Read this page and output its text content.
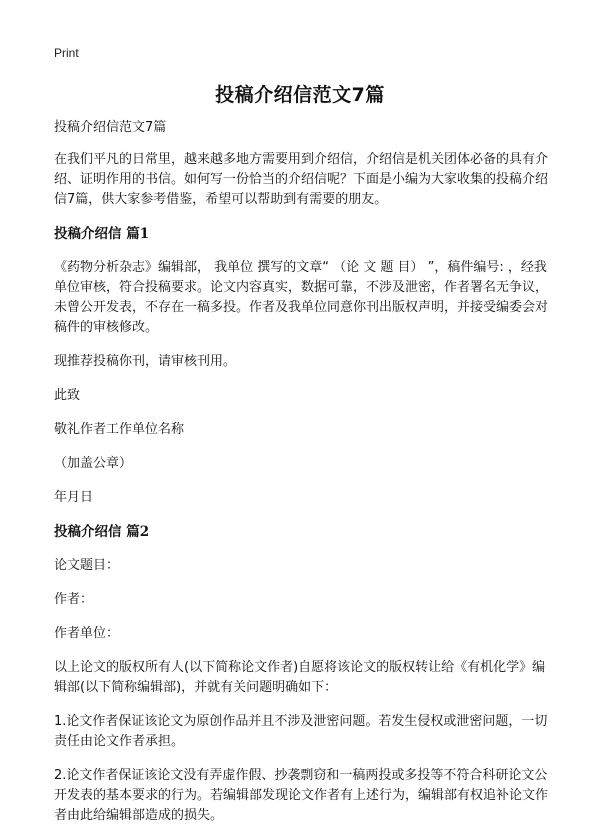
Print
投稿介绍信范文7篇

投稿介绍信范文7篇

在我们平凡的日常里，越来越多地方需要用到介绍信，介绍信是机关团体必备的具有介绍、证明作用的书信。如何写一份恰当的介绍信呢？下面是小编为大家收集的投稿介绍信7篇，供大家参考借鉴，希望可以帮助到有需要的朋友。

投稿介绍信 篇1

《药物分析杂志》编辑部， 我单位 撰写的文章“ （论 文 题 目） ”，稿件编号: ，经我单位审核，符合投稿要求。论文内容真实，数据可靠，不涉及泄密，作者署名无争议，未曾公开发表，不存在一稿多投。作者及我单位同意你刊出版权声明，并接受编委会对稿件的审核修改。

现推荐投稿你刊，请审核刊用。

此致

敬礼作者工作单位名称

（加盖公章）

年月日

投稿介绍信 篇2

论文题目：

作者：

作者单位：

以上论文的版权所有人(以下简称论文作者)自愿将该论文的版权转让给《有机化学》编辑部(以下简称编辑部)，并就有关问题明确如下：

1.论文作者保证该论文为原创作品并且不涉及泄密问题。若发生侵权或泄密问题，一切责任由论文作者承担。

2.论文作者保证该论文没有弄虚作假、抄袭剽窃和一稿两投或多投等不符合科研论文公开发表的基本要求的行为。若编辑部发现论文作者有上述行为，编辑部有权追补论文作者由此给编辑部造成的损失。
